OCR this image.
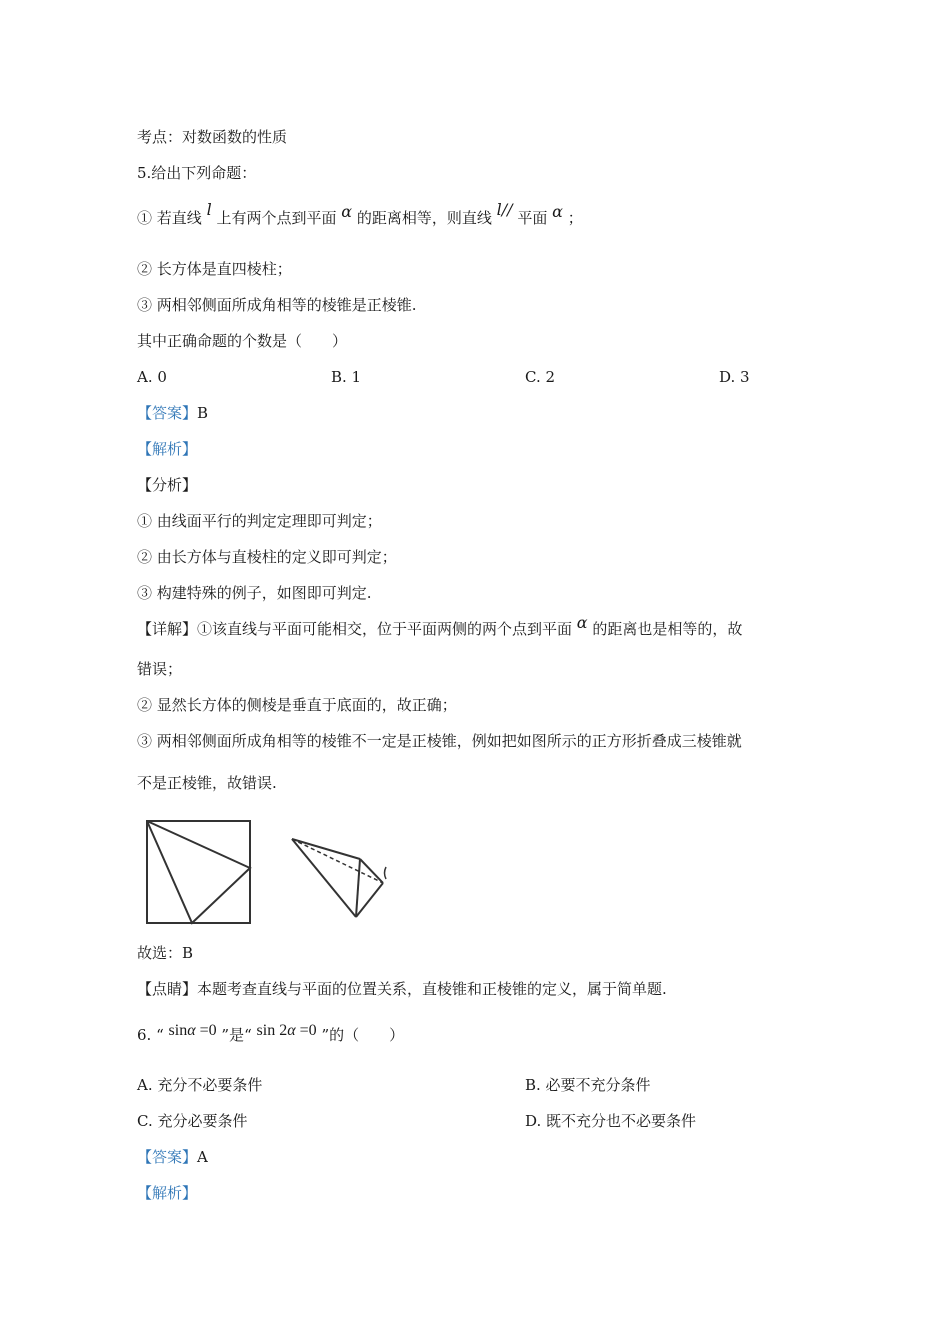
考点：对数函数的性质
5.给出下列命题：
① 若直线 l 上有两个点到平面 α 的距离相等，则直线 l// 平面 α ；
② 长方体是直四棱柱；
③ 两相邻侧面所成角相等的棱锥是正棱锥.
其中正确命题的个数是（　　）
A. 0	B. 1	C. 2	D. 3
【答案】B
【解析】
【分析】
① 由线面平行的判定定理即可判定；
② 由长方体与直棱柱的定义即可判定；
③ 构建特殊的例子，如图即可判定.
【详解】①该直线与平面可能相交，位于平面两侧的两个点到平面 α 的距离也是相等的，故
错误；
② 显然长方体的侧棱是垂直于底面的，故正确；
③ 两相邻侧面所成角相等的棱锥不一定是正棱锥，例如把如图所示的正方形折叠成三棱锥就
不是正棱锥，故错误.
故选：B
【点睛】本题考查直线与平面的位置关系，直棱锥和正棱锥的定义，属于简单题.
6. “ sinα =0 ”是“ sin 2α =0 ”的（　　）
A. 充分不必要条件	B. 必要不充分条件
C. 充分必要条件	D. 既不充分也不必要条件
【答案】A
【解析】
